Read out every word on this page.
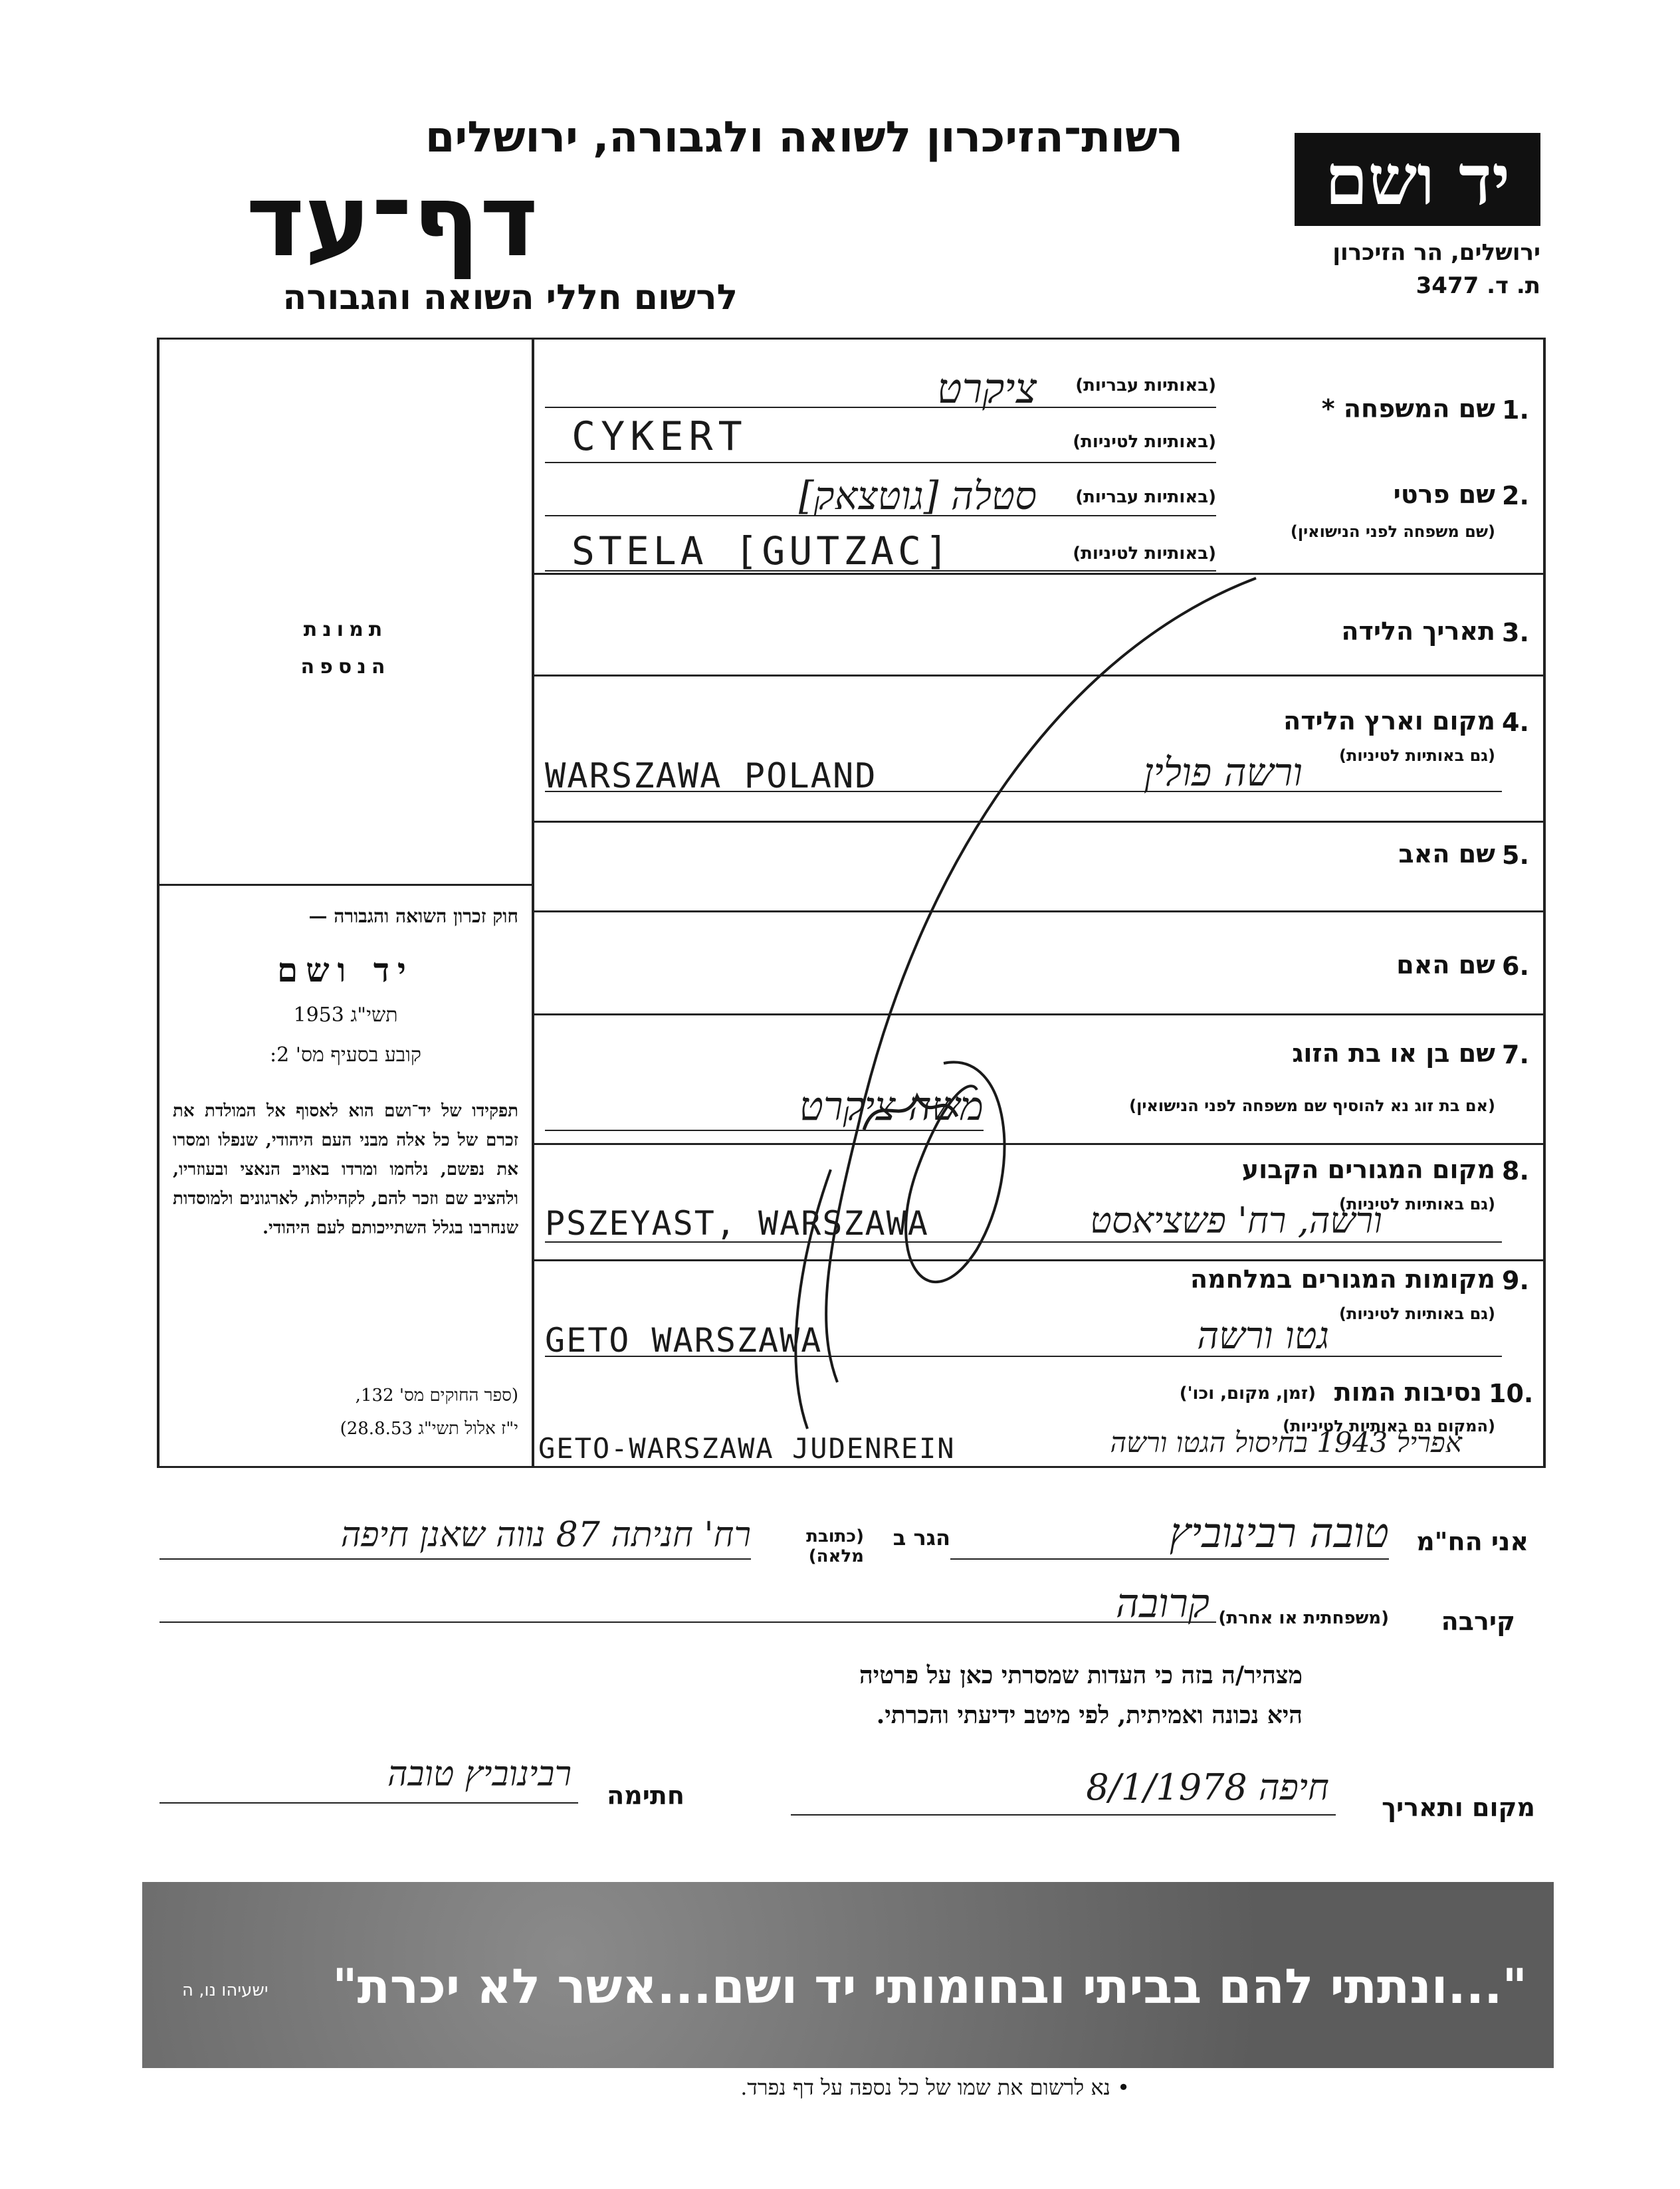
יד ושם
ירושלים, הר הזיכרון
ת. ד. 3477
רשות־הזיכרון לשואה ולגבורה, ירושלים
דף־עד
לרשום חללי השואה והגבורה
תמונת
הנספה
חוק זכרון השואה והגבורה —
יד ושם
תשי"ג 1953
קובע בסעיף מס' 2:
תפקידו של יד־ושם הוא לאסוף אל המולדת את זכרם של כל אלה מבני העם היהודי, שנפלו ומסרו את נפשם, נלחמו ומרדו באויב הנאצי ובעוזריו, ולהציב שם וזכר להם, לקהילות, לארגונים ולמוסדות שנחרבו בגלל השתייכותם לעם היהודי.
(ספר החוקים מס' 132,
י"ז אלול תשי"ג 28.8.53)
1.
שם המשפחה *
(באותיות עבריות)
(באותיות לטיניות)
ציקרט
CYKERT
2.
שם פרטי
(שם משפחה לפני הנישואין)
(באותיות עבריות)
(באותיות לטיניות)
סטלה [גוטצאק]
STELA [GUTZAC]
3.
תאריך הלידה
4.
מקום וארץ הלידה
(גם באותיות לטיניות)
ורשה פולין
WARSZAWA POLAND
5.
שם האב
6.
שם האם
7.
שם בן או בת הזוג
(אם בת זוג נא להוסיף שם משפחה לפני הנישואין)
משה ציקרט
8.
מקום המגורים הקבוע
(גם באותיות לטיניות)
ורשה, רח' פשציאסט
PSZEYAST, WARSZAWA
9.
מקומות המגורים במלחמה
(גם באותיות לטיניות)
גטו ורשה
GETO WARSZAWA
10.
נסיבות המות
(זמן, מקום, וכו')
(המקום גם באותיות לטיניות)
אפריל 1943 בחיסול הגטו ורשה
GETO-WARSZAWA JUDENREIN
אני הח"מ
טובה רבינוביץ
הגר ב
(כתובת מלאה)
רח' חניתה 87 נווה שאנן חיפה
קירבה
(משפחתית או אחרת)
קרובה
מצהיר/ה בזה כי העדות שמסרתי כאן על פרטיה
היא נכונה ואמיתית, לפי מיטב ידיעתי והכרתי.
מקום ותאריך
חיפה 8/1/1978
חתימה
רבינוביץ טובה
"...ונתתי להם בביתי ובחומותי יד ושם...אשר לא יכרת"
ישעיהו נו, ה
• נא לרשום את שמו של כל נספה על דף נפרד.
